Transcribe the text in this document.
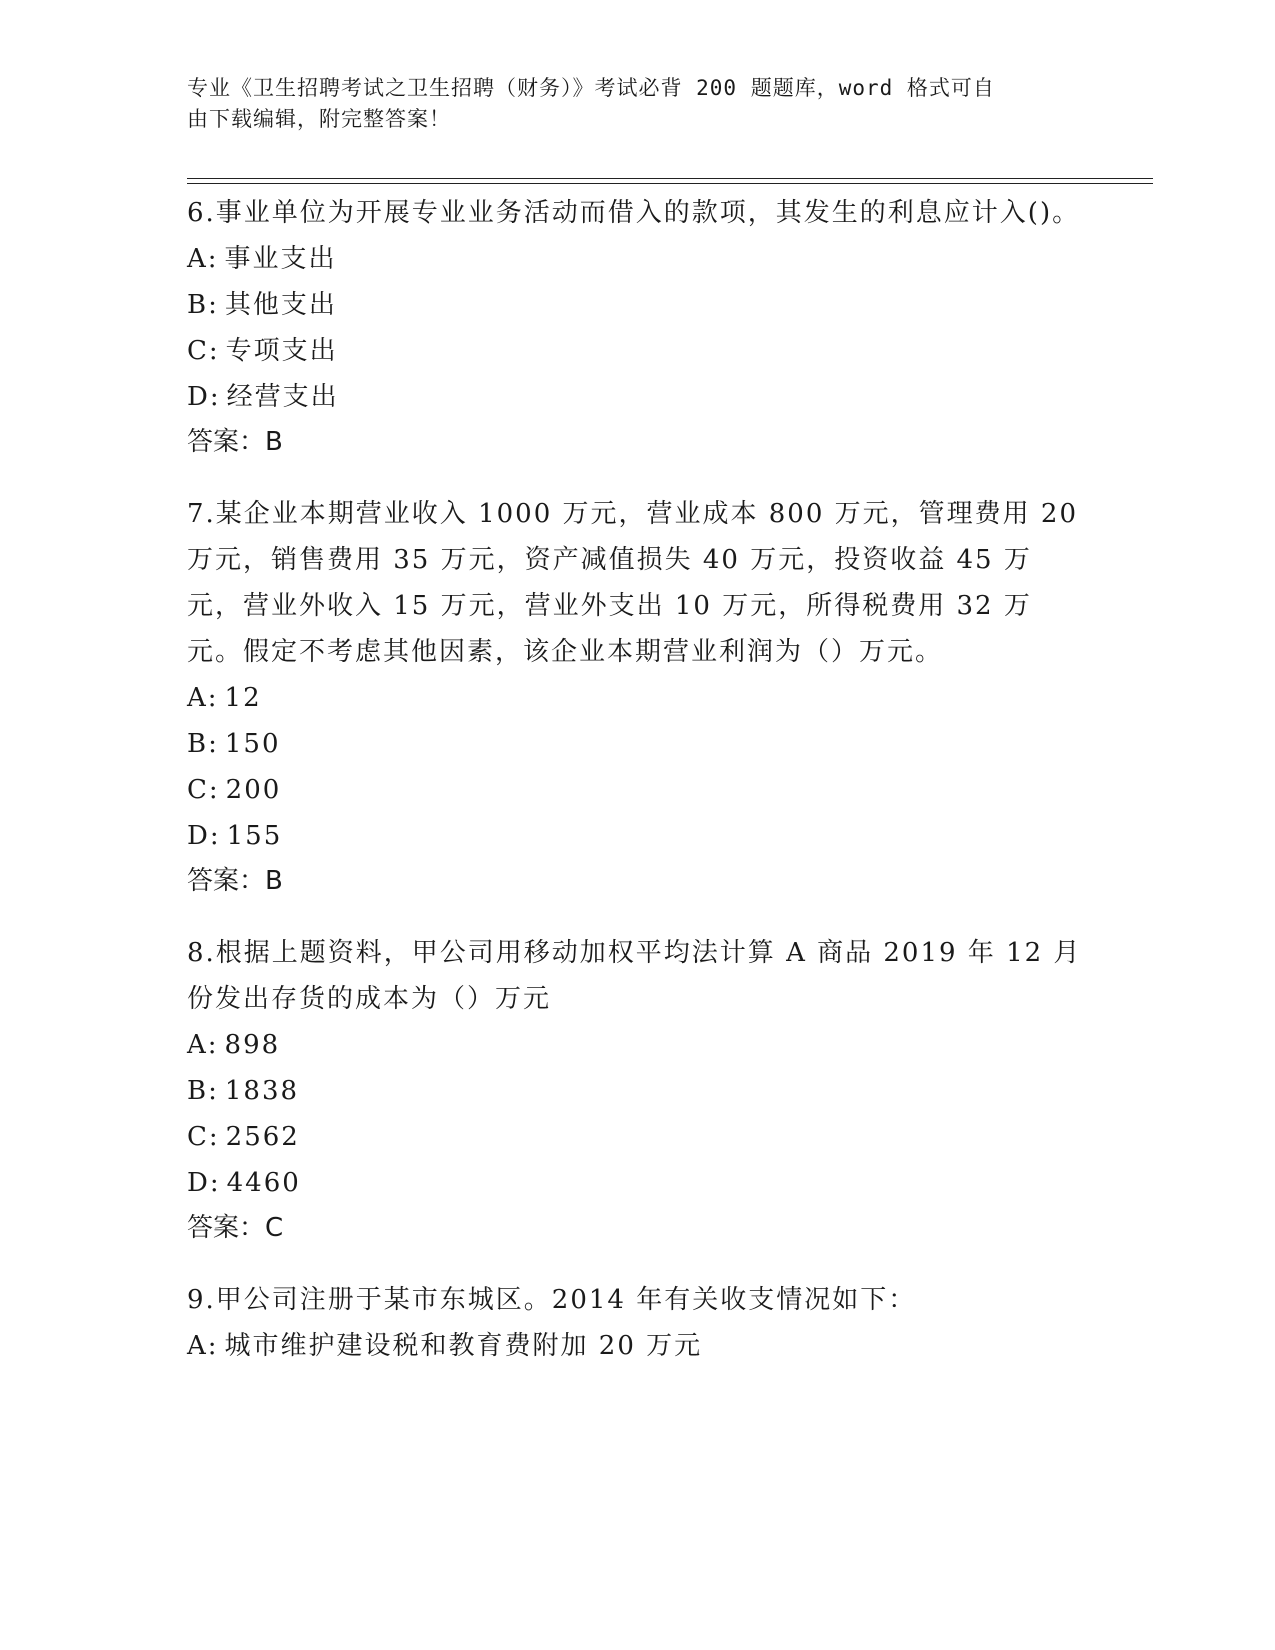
专业《卫生招聘考试之卫生招聘（财务）》考试必背 200 题题库，word 格式可自
由下载编辑，附完整答案！

6.事业单位为开展专业业务活动而借入的款项，其发生的利息应计入()。

A: 事业支出

B: 其他支出

C: 专项支出

D: 经营支出

答案：B

7.某企业本期营业收入 1000 万元，营业成本 800 万元，管理费用 20 万元，销售费用 35 万元，资产减值损失 40 万元，投资收益 45 万元，营业外收入 15 万元，营业外支出 10 万元，所得税费用 32 万元。假定不考虑其他因素，该企业本期营业利润为（）万元。

A: 12

B: 150

C: 200

D: 155

答案：B

8.根据上题资料，甲公司用移动加权平均法计算 A 商品 2019 年 12 月份发出存货的成本为（）万元

A: 898

B: 1838

C: 2562

D: 4460

答案：C

9.甲公司注册于某市东城区。2014 年有关收支情况如下：

A: 城市维护建设税和教育费附加 20 万元
